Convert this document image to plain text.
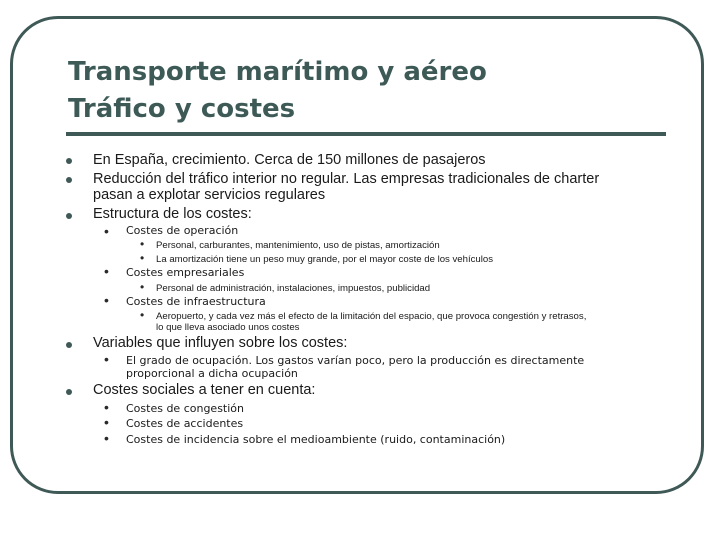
Transporte marítimo y aéreo
Tráfico y costes
En España, crecimiento. Cerca de 150 millones de pasajeros
Reducción del tráfico interior no regular. Las empresas tradicionales de charter
pasan a explotar servicios regulares
Estructura de los costes:
• Costes de operación
• Personal, carburantes, mantenimiento, uso de pistas, amortización
• La amortización tiene un peso muy grande, por el mayor coste de los vehículos
• Costes empresariales
• Personal de administración, instalaciones, impuestos, publicidad
• Costes de infraestructura
• Aeropuerto, y cada vez más el efecto de la limitación del espacio, que provoca congestión y retrasos,
lo que lleva asociado unos costes
Variables que influyen sobre los costes:
• El grado de ocupación. Los gastos varían poco, pero la producción es directamente
proporcional a dicha ocupación
Costes sociales a tener en cuenta:
• Costes de congestión
• Costes de accidentes
• Costes de incidencia sobre el medioambiente (ruido, contaminación)
